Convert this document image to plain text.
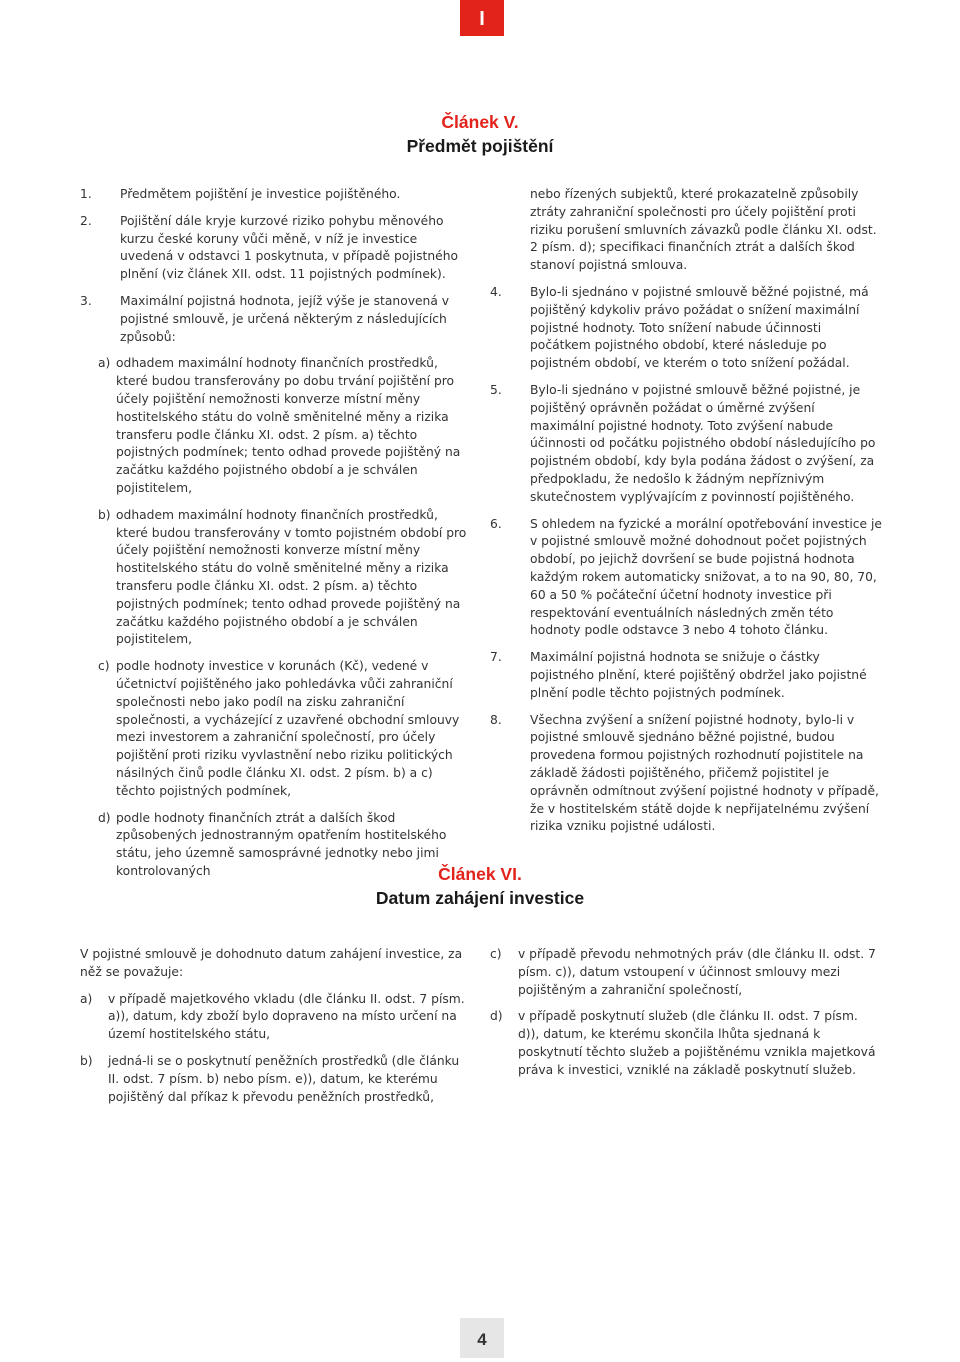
I
Článek V.
Předmět pojištění
1. Předmětem pojištění je investice pojištěného.
2. Pojištění dále kryje kurzové riziko pohybu měnového kurzu české koruny vůči měně, v níž je investice uvedená v odstavci 1 poskytnuta, v případě pojistného plnění (viz článek XII. odst. 11 pojistných podmínek).
3. Maximální pojistná hodnota, jejíž výše je stanovená v pojistné smlouvě, je určená některým z následujících způsobů:
a) odhadem maximální hodnoty finančních prostředků, které budou transferovány po dobu trvání pojištění pro účely pojištění nemožnosti konverze místní měny hostitelského státu do volně směnitelné měny a rizika transferu podle článku XI. odst. 2 písm. a) těchto pojistných podmínek; tento odhad provede pojištěný na začátku každého pojistného období a je schválen pojistitelem,
b) odhadem maximální hodnoty finančních prostředků, které budou transferovány v tomto pojistném období pro účely pojištění nemožnosti konverze místní měny hostitelského státu do volně směnitelné měny a rizika transferu podle článku XI. odst. 2 písm. a) těchto pojistných podmínek; tento odhad provede pojištěný na začátku každého pojistného období a je schválen pojistitelem,
c) podle hodnoty investice v korunách (Kč), vedené v účetnictví pojištěného jako pohledávka vůči zahraniční společnosti nebo jako podíl na zisku zahraniční společnosti, a vycházející z uzavřené obchodní smlouvy mezi investorem a zahraniční společností, pro účely pojištění proti riziku vyvlastnění nebo riziku politických násilných činů podle článku XI. odst. 2 písm. b) a c) těchto pojistných podmínek,
d) podle hodnoty finančních ztrát a dalších škod způsobených jednostranným opatřením hostitelského státu, jeho územně samosprávné jednotky nebo jimi kontrolovaných
nebo řízených subjektů, které prokazatelně způsobily ztráty zahraniční společnosti pro účely pojištění proti riziku porušení smluvních závazků podle článku XI. odst. 2 písm. d); specifikaci finančních ztrát a dalších škod stanoví pojistná smlouva.
4. Bylo-li sjednáno v pojistné smlouvě běžné pojistné, má pojištěný kdykoliv právo požádat o snížení maximální pojistné hodnoty. Toto snížení nabude účinnosti počátkem pojistného období, které následuje po pojistném období, ve kterém o toto snížení požádal.
5. Bylo-li sjednáno v pojistné smlouvě běžné pojistné, je pojištěný oprávněn požádat o úměrné zvýšení maximální pojistné hodnoty. Toto zvýšení nabude účinnosti od počátku pojistného období následujícího po pojistném období, kdy byla podána žádost o zvýšení, za předpokladu, že nedošlo k žádným nepříznivým skutečnostem vyplývajícím z povinností pojištěného.
6. S ohledem na fyzické a morální opotřebování investice je v pojistné smlouvě možné dohodnout počet pojistných období, po jejichž dovršení se bude pojistná hodnota každým rokem automaticky snižovat, a to na 90, 80, 70, 60 a 50 % počáteční účetní hodnoty investice při respektování eventuálních následných změn této hodnoty podle odstavce 3 nebo 4 tohoto článku.
7. Maximální pojistná hodnota se snižuje o částky pojistného plnění, které pojištěný obdržel jako pojistné plnění podle těchto pojistných podmínek.
8. Všechna zvýšení a snížení pojistné hodnoty, bylo-li v pojistné smlouvě sjednáno běžné pojistné, budou provedena formou pojistných rozhodnutí pojistitele na základě žádosti pojištěného, přičemž pojistitel je oprávněn odmítnout zvýšení pojistné hodnoty v případě, že v hostitelském státě dojde k nepřijatelnému zvýšení rizika vzniku pojistné události.
Článek VI.
Datum zahájení investice
V pojistné smlouvě je dohodnuto datum zahájení investice, za něž se považuje:
a) v případě majetkového vkladu (dle článku II. odst. 7 písm. a)), datum, kdy zboží bylo dopraveno na místo určení na území hostitelského státu,
b) jedná-li se o poskytnutí peněžních prostředků (dle článku II. odst. 7 písm. b) nebo písm. e)), datum, ke kterému pojištěný dal příkaz k převodu peněžních prostředků,
c) v případě převodu nehmotných práv (dle článku II. odst. 7 písm. c)), datum vstoupení v účinnost smlouvy mezi pojištěným a zahraniční společností,
d) v případě poskytnutí služeb (dle článku II. odst. 7 písm. d)), datum, ke kterému skončila lhůta sjednaná k poskytnutí těchto služeb a pojištěnému vznikla majetková práva k investici, vzniklé na základě poskytnutí služeb.
4
